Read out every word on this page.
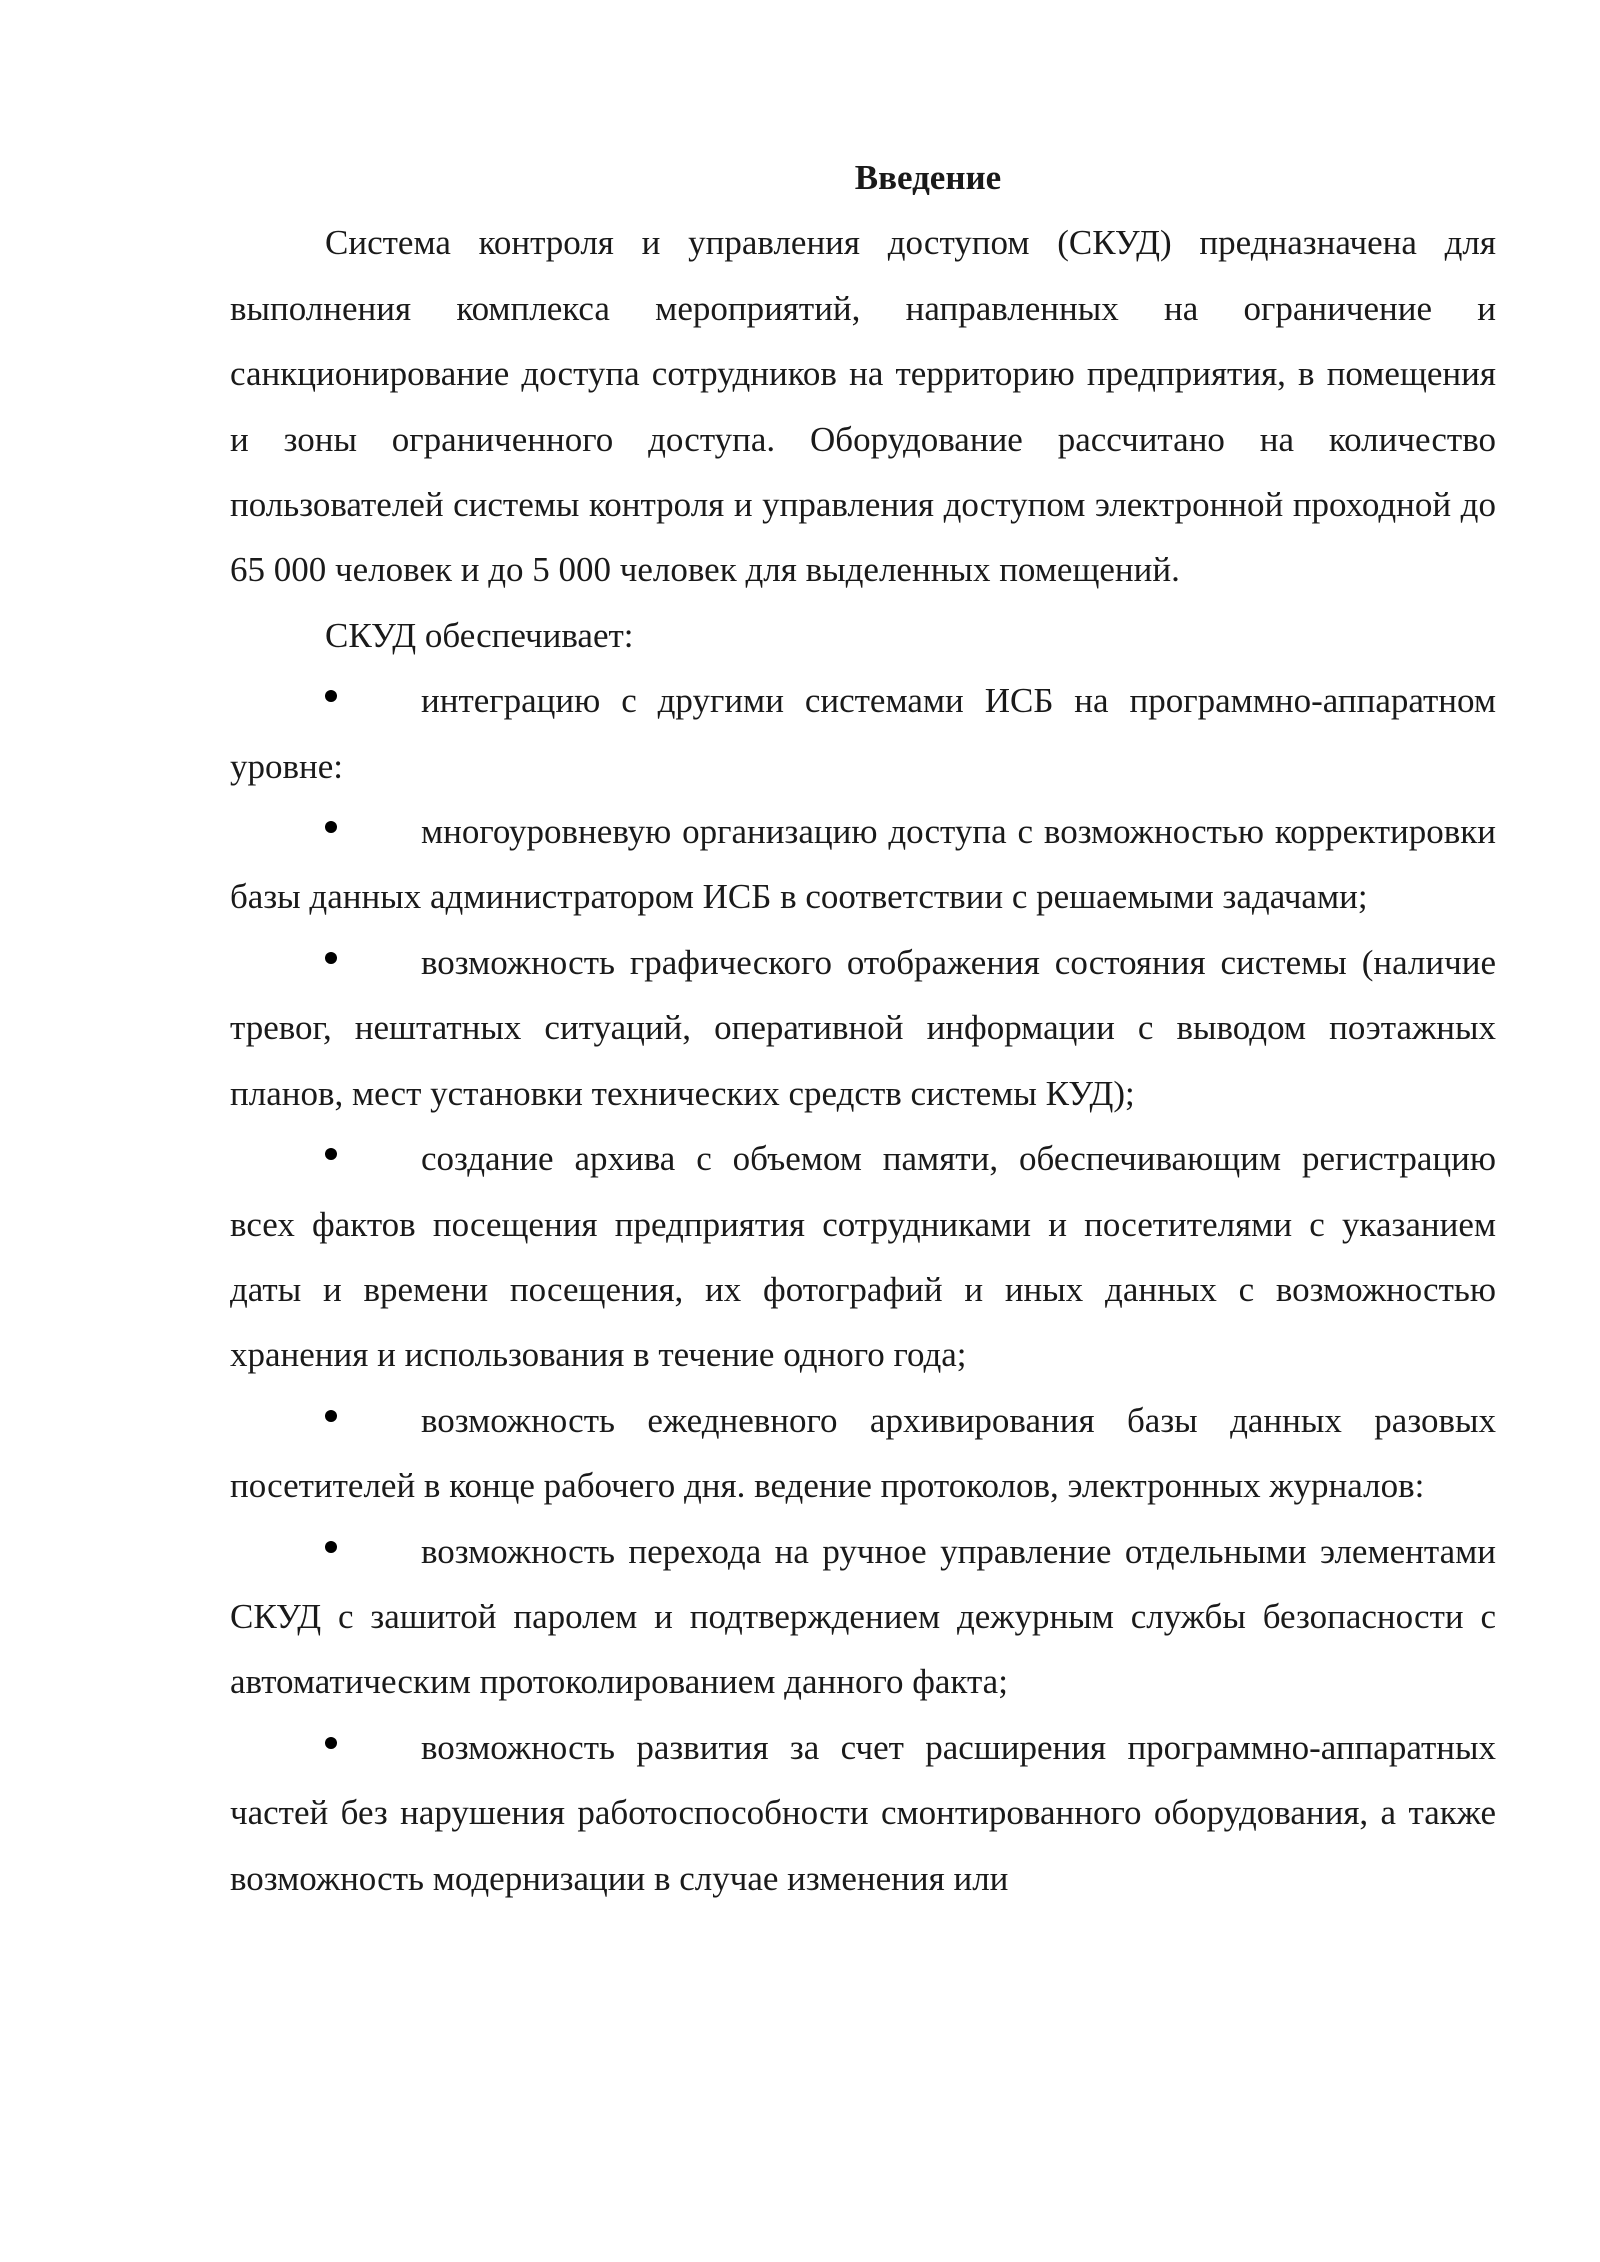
Введение

Система контроля и управления доступом (СКУД) предназначена для выполнения комплекса мероприятий, направленных на ограничение и санкционирование доступа сотрудников на территорию предприятия, в помещения и зоны ограниченного доступа. Оборудование рассчитано на количество пользователей системы контроля и управления доступом электронной проходной до 65 000 человек и до 5 000 человек для выделенных помещений.

СКУД обеспечивает:

интеграцию с другими системами ИСБ на программно-аппаратном уровне:
многоуровневую организацию доступа с возможностью корректировки базы данных администратором ИСБ в соответствии с решаемыми задачами;
возможность графического отображения состояния системы (наличие тревог, нештатных ситуаций, оперативной информации с выводом поэтажных планов, мест установки технических средств системы КУД);
создание архива с объемом памяти, обеспечивающим регистрацию всех фактов посещения предприятия сотрудниками и посетителями с указанием даты и времени посещения, их фотографий и иных данных с возможностью хранения и использования в течение одного года;
возможность ежедневного архивирования базы данных разовых посетителей в конце рабочего дня. ведение протоколов, электронных журналов:
возможность перехода на ручное управление отдельными элементами СКУД с зашитой паролем и подтверждением дежурным службы безопасности с автоматическим протоколированием данного факта;
возможность развития за счет расширения программно-аппаратных частей без нарушения работоспособности смонтированного оборудования, а также возможность модернизации в случае изменения или
